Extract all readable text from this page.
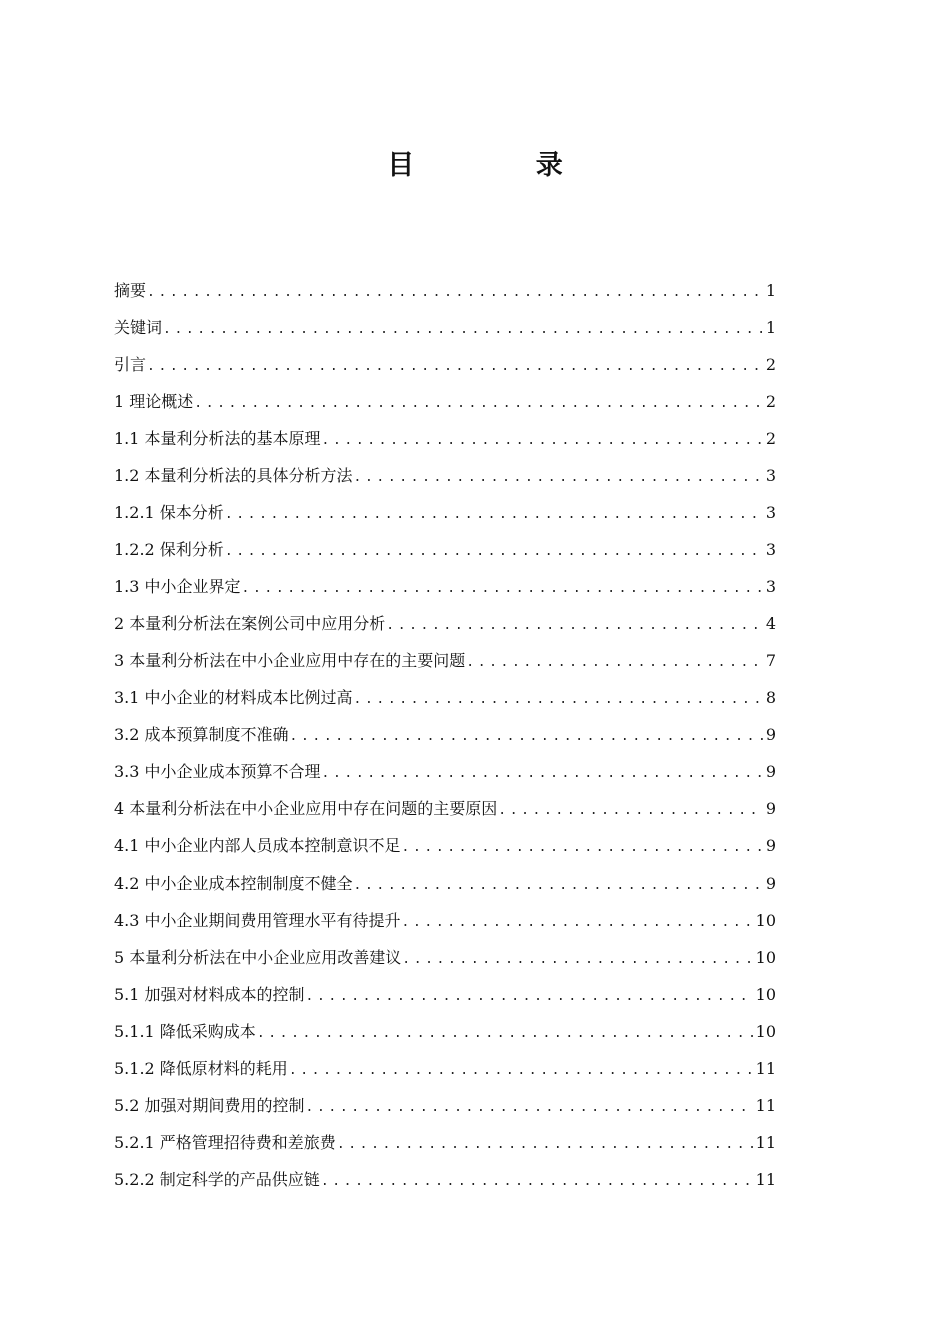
目 录
摘要 .....	1
关键词 .....	1
引言 .....	2
1 理论概述 .....	2
1.1 本量利分析法的基本原理 .....	2
1.2 本量利分析法的具体分析方法 .....	3
1.2.1 保本分析 .....	3
1.2.2 保利分析 .....	3
1.3 中小企业界定 .....	3
2 本量利分析法在案例公司中应用分析 .....	4
3 本量利分析法在中小企业应用中存在的主要问题 .....	7
3.1 中小企业的材料成本比例过高 .....	8
3.2 成本预算制度不准确 .....	9
3.3 中小企业成本预算不合理 .....	9
4 本量利分析法在中小企业应用中存在问题的主要原因 .....	9
4.1 中小企业内部人员成本控制意识不足 .....	9
4.2 中小企业成本控制制度不健全 .....	9
4.3 中小企业期间费用管理水平有待提升 .....	10
5 本量利分析法在中小企业应用改善建议 .....	10
5.1 加强对材料成本的控制 .....	10
5.1.1 降低采购成本 .....	10
5.1.2 降低原材料的耗用 .....	11
5.2 加强对期间费用的控制 .....	11
5.2.1 严格管理招待费和差旅费 .....	11
5.2.2 制定科学的产品供应链 .....	11
